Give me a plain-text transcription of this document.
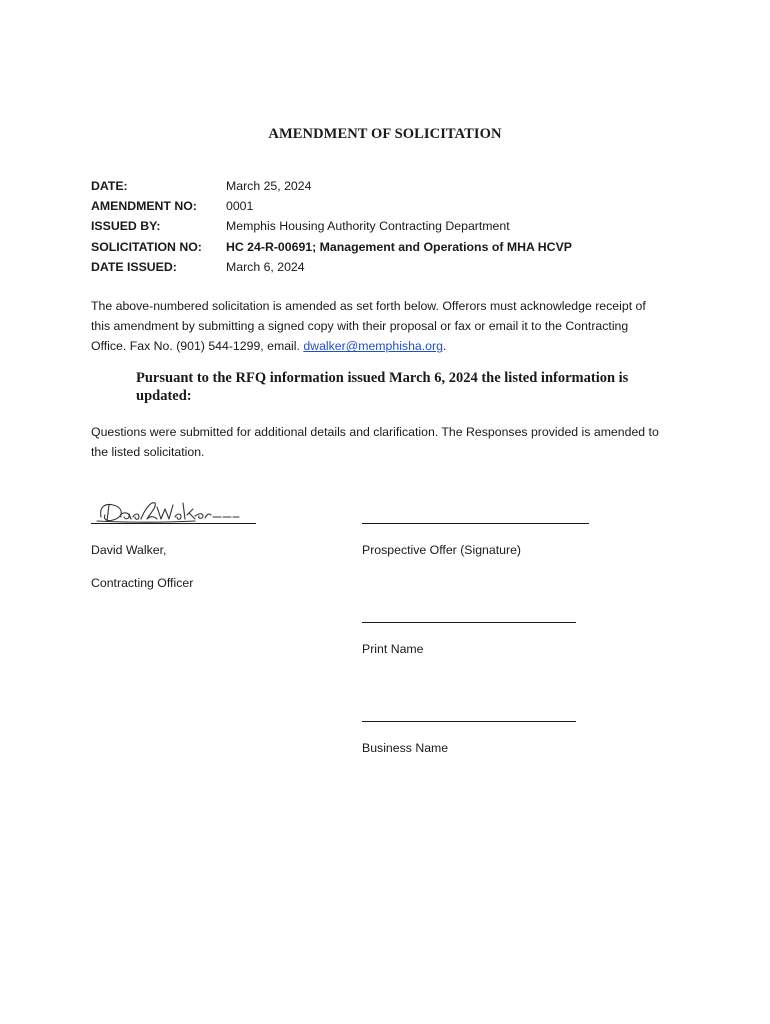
AMENDMENT OF SOLICITATION
DATE:	March 25, 2024
AMENDMENT NO:	0001
ISSUED BY:	Memphis Housing Authority Contracting Department
SOLICITATION NO:	HC 24-R-00691; Management and Operations of MHA HCVP
DATE ISSUED:	March 6, 2024
The above-numbered solicitation is amended as set forth below. Offerors must acknowledge receipt of
this amendment by submitting a signed copy with their proposal or fax or email it to the Contracting
Office. Fax No. (901) 544-1299, email. dwalker@memphisha.org.
Pursuant to the RFQ information issued March 6, 2024 the listed information is updated:
Questions were submitted for additional details and clarification. The Responses provided is amended to
the listed solicitation.
David Walker,
Contracting Officer
Prospective Offer (Signature)
Print Name
Business Name
